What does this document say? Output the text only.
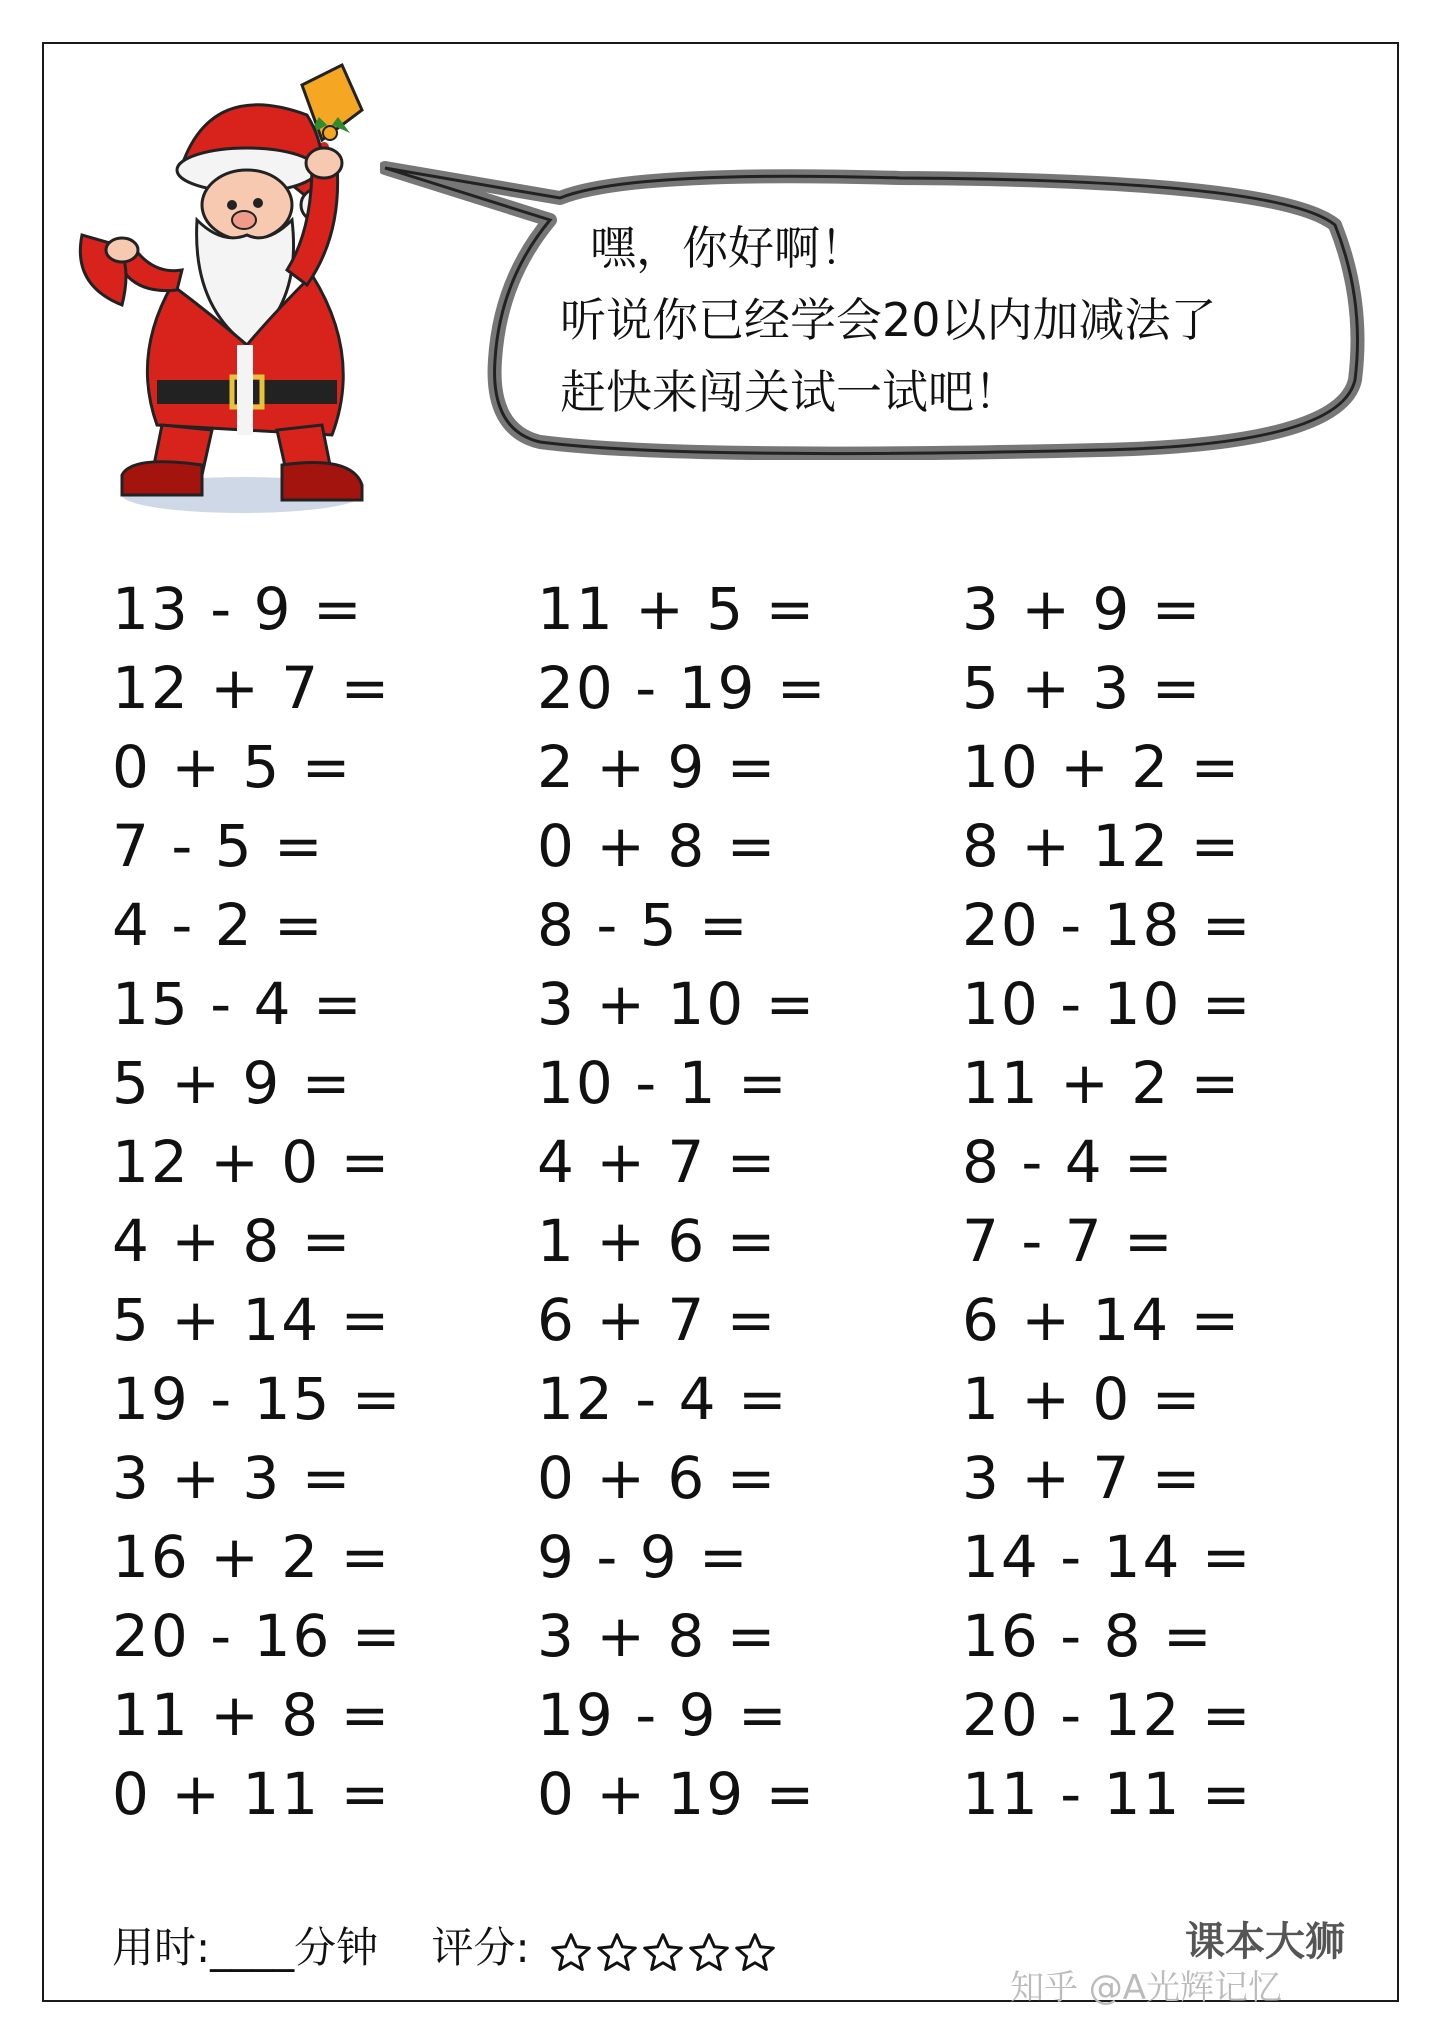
嘿，你好啊！
听说你已经学会20以内加减法了
赶快来闯关试一试吧！
13 - 9 =	11 + 5 =	3 + 9 =
12 + 7 =	20 - 19 =	5 + 3 =
0 + 5 =	2 + 9 =	10 + 2 =
7 - 5 =	0 + 8 =	8 + 12 =
4 - 2 =	8 - 5 =	20 - 18 =
15 - 4 =	3 + 10 =	10 - 10 =
5 + 9 =	10 - 1 =	11 + 2 =
12 + 0 =	4 + 7 =	8 - 4 =
4 + 8 =	1 + 6 =	7 - 7 =
5 + 14 =	6 + 7 =	6 + 14 =
19 - 15 =	12 - 4 =	1 + 0 =
3 + 3 =	0 + 6 =	3 + 7 =
16 + 2 =	9 - 9 =	14 - 14 =
20 - 16 =	3 + 8 =	16 - 8 =
11 + 8 =	19 - 9 =	20 - 12 =
0 + 11 =	0 + 19 =	11 - 11 =
用时:____分钟 评分:	课本大狮
知乎 @A光辉记忆
